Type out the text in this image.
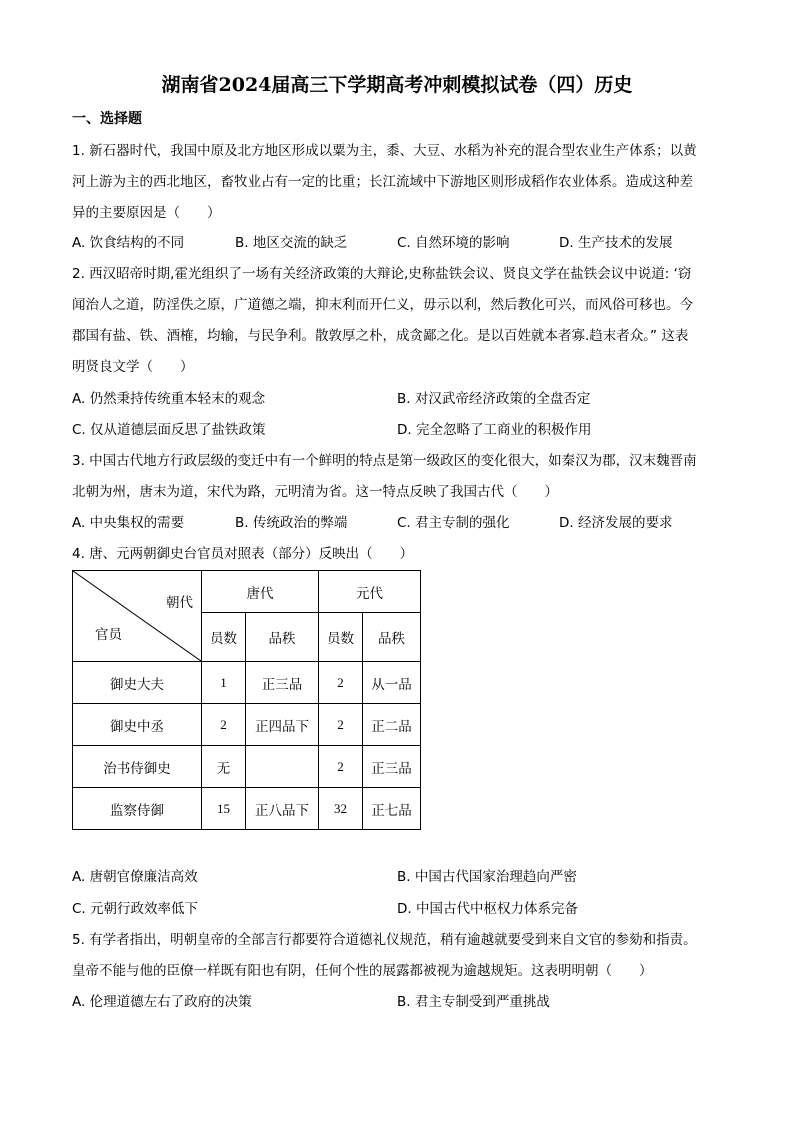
湖南省2024届高三下学期高考冲刺模拟试卷（四）历史
一、选择题
1. 新石器时代，我国中原及北方地区形成以粟为主，黍、大豆、水稻为补充的混合型农业生产体系；以黄
河上游为主的西北地区，畜牧业占有一定的比重；长江流域中下游地区则形成稻作农业体系。造成这种差
异的主要原因是（　　）
A. 饮食结构的不同	B. 地区交流的缺乏	C. 自然环境的影响	D. 生产技术的发展
2. 西汉昭帝时期,霍光组织了一场有关经济政策的大辩论,史称盐铁会议、贤良文学在盐铁会议中说道: ‘窃
闻治人之道，防淫佚之原，广道德之端，抑末利而开仁义，毋示以利，然后教化可兴，而风俗可移也。今
郡国有盐、铁、酒榷，均输，与民争利。散敦厚之朴，成贪鄙之化。是以百姓就本者寡.趋末者众。” 这表
明贤良文学（　　）
A. 仍然秉持传统重本轻末的观念	B. 对汉武帝经济政策的全盘否定
C. 仅从道德层面反思了盐铁政策	D. 完全忽略了工商业的积极作用
3. 中国古代地方行政层级的变迁中有一个鲜明的特点是第一级政区的变化很大，如秦汉为郡，汉末魏晋南
北朝为州，唐末为道，宋代为路，元明清为省。这一特点反映了我国古代（　　）
A. 中央集权的需要	B. 传统政治的弊端	C. 君主专制的强化	D. 经济发展的要求
4. 唐、元两朝御史台官员对照表（部分）反映出（　　）
朝代
官员	唐代		元代	
	员数	品秩	员数	品秩
御史大夫	1	正三品	2	从一品
御史中丞	2	正四品下	2	正二品
治书侍御史	无		2	正三品
监察侍御	15	正八品下	32	正七品
A. 唐朝官僚廉洁高效	B. 中国古代国家治理趋向严密
C. 元朝行政效率低下	D. 中国古代中枢权力体系完备
5. 有学者指出，明朝皇帝的全部言行都要符合道德礼仪规范，稍有逾越就要受到来自文官的参劾和指责。
皇帝不能与他的臣僚一样既有阳也有阴，任何个性的展露都被视为逾越规矩。这表明明朝（　　）
A. 伦理道德左右了政府的决策	B. 君主专制受到严重挑战
